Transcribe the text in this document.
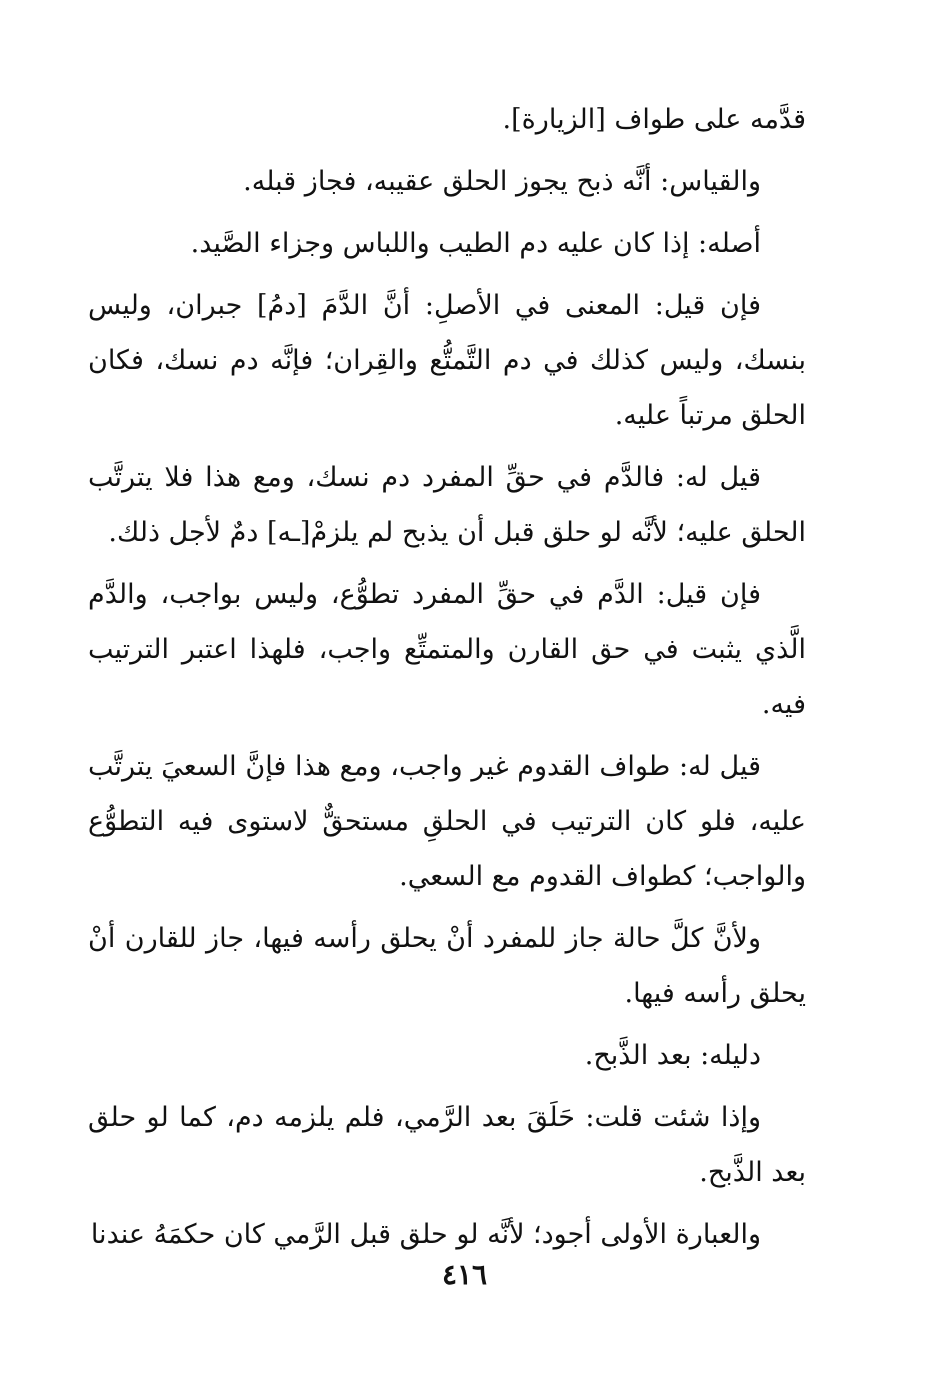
قدَّمه على طواف [الزيارة].

والقياس: أنَّه ذبح يجوز الحلق عقيبه، فجاز قبله.

أصله: إذا كان عليه دم الطيب واللباس وجزاء الصَّيد.

فإن قيل: المعنى في الأصلِ: أنَّ الدَّمَ [دمُ] جبران، وليس بنسك، وليس كذلك في دم التَّمتُّع والقِران؛ فإنَّه دم نسك، فكان الحلق مرتباً عليه.

قيل له: فالدَّم في حقِّ المفرد دم نسك، ومع هذا فلا يترتَّب الحلق عليه؛ لأنَّه لو حلق قبل أن يذبح لم يلزمْ[ـه] دمٌ لأجل ذلك.

فإن قيل: الدَّم في حقِّ المفرد تطوُّع، وليس بواجب، والدَّم الَّذي يثبت في حق القارن والمتمتِّع واجب، فلهذا اعتبر الترتيب فيه.

قيل له: طواف القدوم غير واجب، ومع هذا فإنَّ السعيَ يترتَّب عليه، فلو كان الترتيب في الحلقِ مستحقٌّ لاستوى فيه التطوُّع والواجب؛ كطواف القدوم مع السعي.

ولأنَّ كلَّ حالة جاز للمفرد أنْ يحلق رأسه فيها، جاز للقارن أنْ يحلق رأسه فيها.

دليله: بعد الذَّبح.

وإذا شئت قلت: حَلَقَ بعد الرَّمي، فلم يلزمه دم، كما لو حلق بعد الذَّبح.

والعبارة الأولى أجود؛ لأنَّه لو حلق قبل الرَّمي كان حكمَهُ عندنا

٤١٦
